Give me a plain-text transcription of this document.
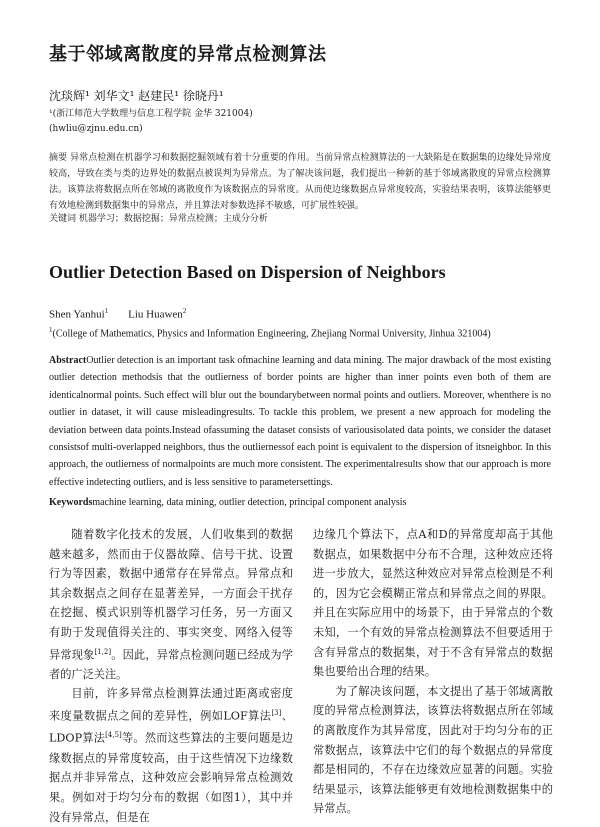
基于邻域离散度的异常点检测算法
沈琰辉¹ 刘华文¹ 赵建民¹ 徐晓丹¹
¹(浙江师范大学数理与信息工程学院 金华 321004)
(hwliu@zjnu.edu.cn)
摘要 异常点检测在机器学习和数据挖掘领域有着十分重要的作用。当前异常点检测算法的一大缺陷是在数据集的边缘处异常度较高，导致在类与类的边界处的数据点被误判为异常点。为了解决该问题，我们提出一种新的基于邻域离散度的异常点检测算法。该算法将数据点所在邻域的离散度作为该数据点的异常度。从而使边缘数据点异常度较高，实验结果表明，该算法能够更有效地检测到数据集中的异常点，并且算法对参数选择不敏感，可扩展性较强。
关键词 机器学习；数据挖掘；异常点检测；主成分分析
Outlier Detection Based on Dispersion of Neighbors
Shen Yanhui$^1$ Liu Huawen$^2$
$^1$(College of Mathematics, Physics and Information Engineering, Zhejiang Normal University, Jinhua 321004)
AbstractOutlier detection is an important task ofmachine learning and data mining. The major drawback of the most existing outlier detection methodsis that the outlierness of border points are higher than inner points even both of them are identicalnormal points. Such effect will blur out the boundarybetween normal points and outliers. Moreover, whenthere is no outlier in dataset, it will cause misleadingresults. To tackle this problem, we present a new approach for modeling the deviation between data points.Instead ofassuming the dataset consists of variousisolated data points, we consider the dataset consistsof multi-overlapped neighbors, thus the outliernessof each point is equivalent to the dispersion of itsneighbor. In this approach, the outlierness of normalpoints are much more consistent. The experimentalresults show that our approach is more effective indetecting outliers, and is less sensitive to parametersettings.
Keywordsmachine learning, data mining, outlier detection, principal component analysis

随着数字化技术的发展，人们收集到的数据越来越多，然而由于仪器故障、信号干扰、设置行为等因素，数据中通常存在异常点。异常点和其余数据点之间存在显著差异，一方面会干扰存在挖掘、模式识别等机器学习任务，另一方面又有助于发现值得关注的、事实突变、网络入侵等异常现象[1,2]。因此，异常点检测问题已经成为学者的广泛关注。

目前，许多异常点检测算法通过距离或密度来度量数据点之间的差异性，例如LOF算法[3]、LDOP算法[4,5]等。然而这些算法的主要问题是边缘数据点的异常度较高，由于这些情况下边缘数据点并非异常点，这种效应会影响异常点检测效果。例如对于均匀分布的数据（如图1），其中并没有异常点，但是在

边缘几个算法下，点A和D的异常度却高于其他数据点，如果数据中分布不合理，这种效应还将进一步放大，显然这种效应对异常点检测是不利的，因为它会模糊正常点和异常点之间的界限。并且在实际应用中的场景下，由于异常点的个数未知，一个有效的异常点检测算法不但要适用于含有异常点的数据集，对于不含有异常点的数据集也要给出合理的结果。

为了解决该问题，本文提出了基于邻域离散度的异常点检测算法，该算法将数据点所在邻域的离散度作为其异常度，因此对于均匀分布的正常数据点，该算法中它们的每个数据点的异常度都是相同的，不存在边缘效应显著的问题。实验结果显示，该算法能够更有效地检测数据集中的异常点。
